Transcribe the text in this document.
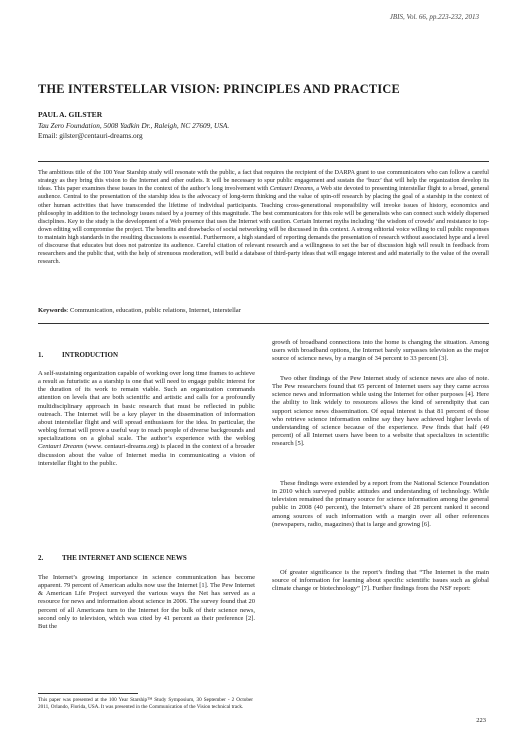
JBIS, Vol. 66, pp.223-232, 2013
THE INTERSTELLAR VISION: PRINCIPLES AND PRACTICE
PAUL A. GILSTER
Tau Zero Foundation, 5008 Yadkin Dr., Raleigh, NC 27609, USA.
Email: gilster@centauri-dreams.org
The ambitious title of the 100 Year Starship study will resonate with the public, a fact that requires the recipient of the DARPA grant to use communicators who can follow a careful strategy as they bring this vision to the Internet and other outlets. It will be necessary to spur public engagement and sustain the ‘buzz’ that will help the organization develop its ideas. This paper examines these issues in the context of the author’s long involvement with Centauri Dreams, a Web site devoted to presenting interstellar flight to a broad, general audience. Central to the presentation of the starship idea is the advocacy of long-term thinking and the value of spin-off research by placing the goal of a starship in the context of other human activities that have transcended the lifetime of individual participants. Teaching cross-generational responsibility will invoke issues of history, economics and philosophy in addition to the technology issues raised by a journey of this magnitude. The best communicators for this role will be generalists who can connect such widely dispersed disciplines. Key to the study is the development of a Web presence that uses the Internet with caution. Certain Internet myths including ‘the wisdom of crowds’ and resistance to top-down editing will compromise the project. The benefits and drawbacks of social networking will be discussed in this context. A strong editorial voice willing to cull public responses to maintain high standards in the resulting discussions is essential. Furthermore, a high standard of reporting demands the presentation of research without associated hype and a level of discourse that educates but does not patronize its audience. Careful citation of relevant research and a willingness to set the bar of discussion high will result in feedback from researchers and the public that, with the help of strenuous moderation, will build a database of third-party ideas that will engage interest and add materially to the value of the overall research.
Keywords: Communication, education, public relations, Internet, interstellar
1.	INTRODUCTION

A self-sustaining organization capable of working over long time frames to achieve a result as futuristic as a starship is one that will need to engage public interest for the duration of its work to remain viable. Such an organization commands attention on levels that are both scientific and artistic and calls for a profoundly multidisciplinary approach in basic research that must be reflected in public outreach. The Internet will be a key player in the dissemination of information about interstellar flight and will spread enthusiasm for the idea. In particular, the weblog format will prove a useful way to reach people of diverse backgrounds and specializations on a global scale. The author’s experience with the weblog Centauri Dreams (www. centauri-dreams.org) is placed in the context of a broader discussion about the value of Internet media in communicating a vision of interstellar flight to the public.

2.	THE INTERNET AND SCIENCE NEWS

The Internet’s growing importance in science communication has become apparent. 79 percent of American adults now use the Internet [1]. The Pew Internet & American Life Project surveyed the various ways the Net has served as a resource for news and information about science in 2006. The survey found that 20 percent of all Americans turn to the Internet for the bulk of their science news, second only to television, which was cited by 41 percent as their preference [2]. But the

This paper was presented at the 100 Year Starship™ Study Symposium, 30 September - 2 October 2011, Orlando, Florida, USA. It was presented in the Communication of the Vision technical track.

growth of broadband connections into the home is changing the situation. Among users with broadband options, the Internet barely surpasses television as the major source of science news, by a margin of 34 percent to 33 percent [3].

Two other findings of the Pew Internet study of science news are also of note. The Pew researchers found that 65 percent of Internet users say they came across science news and information while using the Internet for other purposes [4]. Here the ability to link widely to resources allows the kind of serendipity that can support science news dissemination. Of equal interest is that 81 percent of those who retrieve science information online say they have achieved higher levels of understanding of science because of the experience. Pew finds that half (49 percent) of all Internet users have been to a website that specializes in scientific research [5].

These findings were extended by a report from the National Science Foundation in 2010 which surveyed public attitudes and understanding of technology. While television remained the primary source for science information among the general public in 2008 (40 percent), the Internet’s share of 28 percent ranked it second among sources of such information with a margin over all other references (newspapers, radio, magazines) that is large and growing [6].

Of greater significance is the report’s finding that “The Internet is the main source of information for learning about specific scientific issues such as global climate change or biotechnology” [7]. Further findings from the NSF report:

223
